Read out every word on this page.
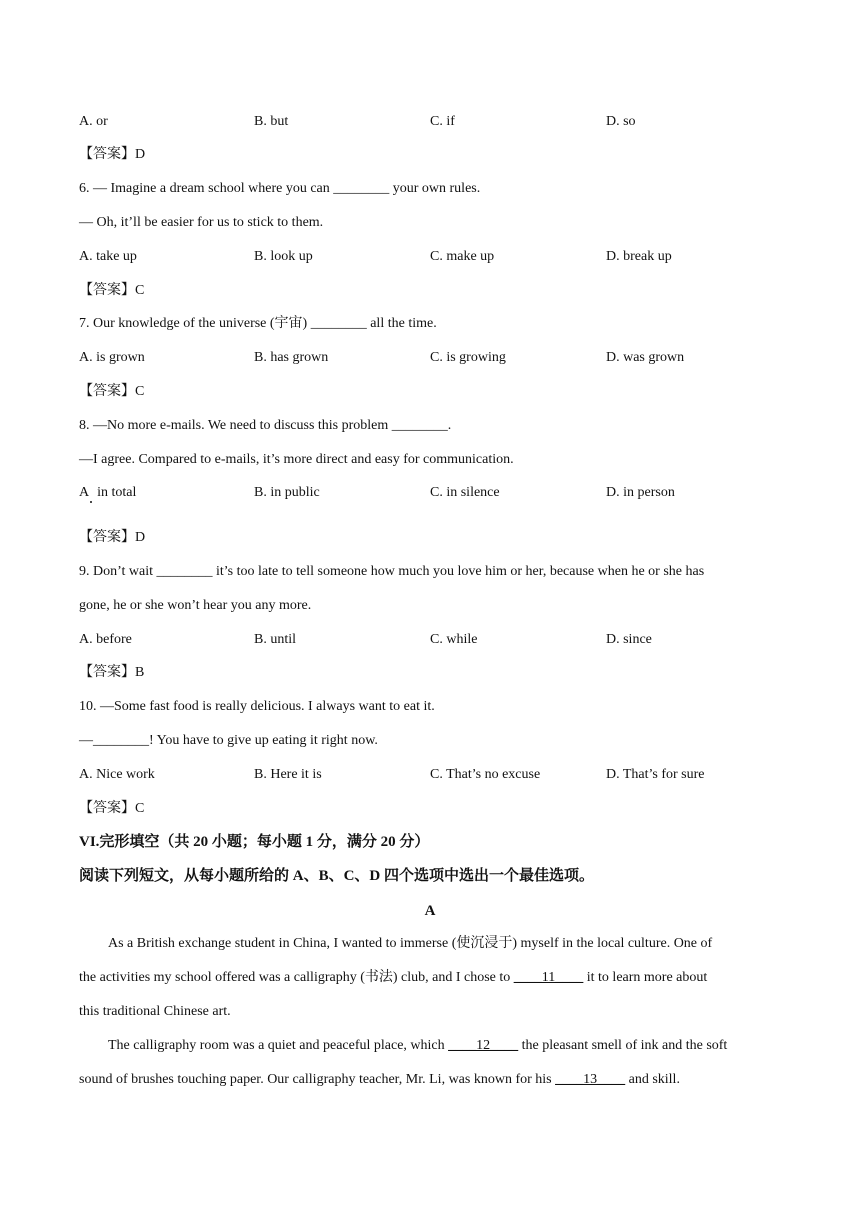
A. or	B. but	C. if	D. so
【答案】D
6. — Imagine a dream school where you can ________ your own rules.
— Oh, it’ll be easier for us to stick to them.
A. take up	B. look up	C. make up	D. break up
【答案】C
7. Our knowledge of the universe (宇宙) ________ all the time.
A. is grown	B. has grown	C. is growing	D. was grown
【答案】C
8. —No more e-mails. We need to discuss this problem ________.
—I agree. Compared to e-mails, it’s more direct and easy for communication.
A in total	B. in public	C. in silence	D. in person
【答案】D
9. Don’t wait ________ it’s too late to tell someone how much you love him or her, because when he or she has
gone, he or she won’t hear you any more.
A. before	B. until	C. while	D. since
【答案】B
10. —Some fast food is really delicious. I always want to eat it.
—________! You have to give up eating it right now.
A. Nice work	B. Here it is	C. That’s no excuse	D. That’s for sure
【答案】C
VI.完形填空（共 20 小题；每小题 1 分，满分 20 分）
阅读下列短文，从每小题所给的 A、B、C、D 四个选项中选出一个最佳选项。
A
As a British exchange student in China, I wanted to immerse (使沉浸于) myself in the local culture. One of
the activities my school offered was a calligraphy (书法) club, and I chose to ____11____ it to learn more about
this traditional Chinese art.
The calligraphy room was a quiet and peaceful place, which ____12____ the pleasant smell of ink and the soft
sound of brushes touching paper. Our calligraphy teacher, Mr. Li, was known for his ____13____ and skill.
